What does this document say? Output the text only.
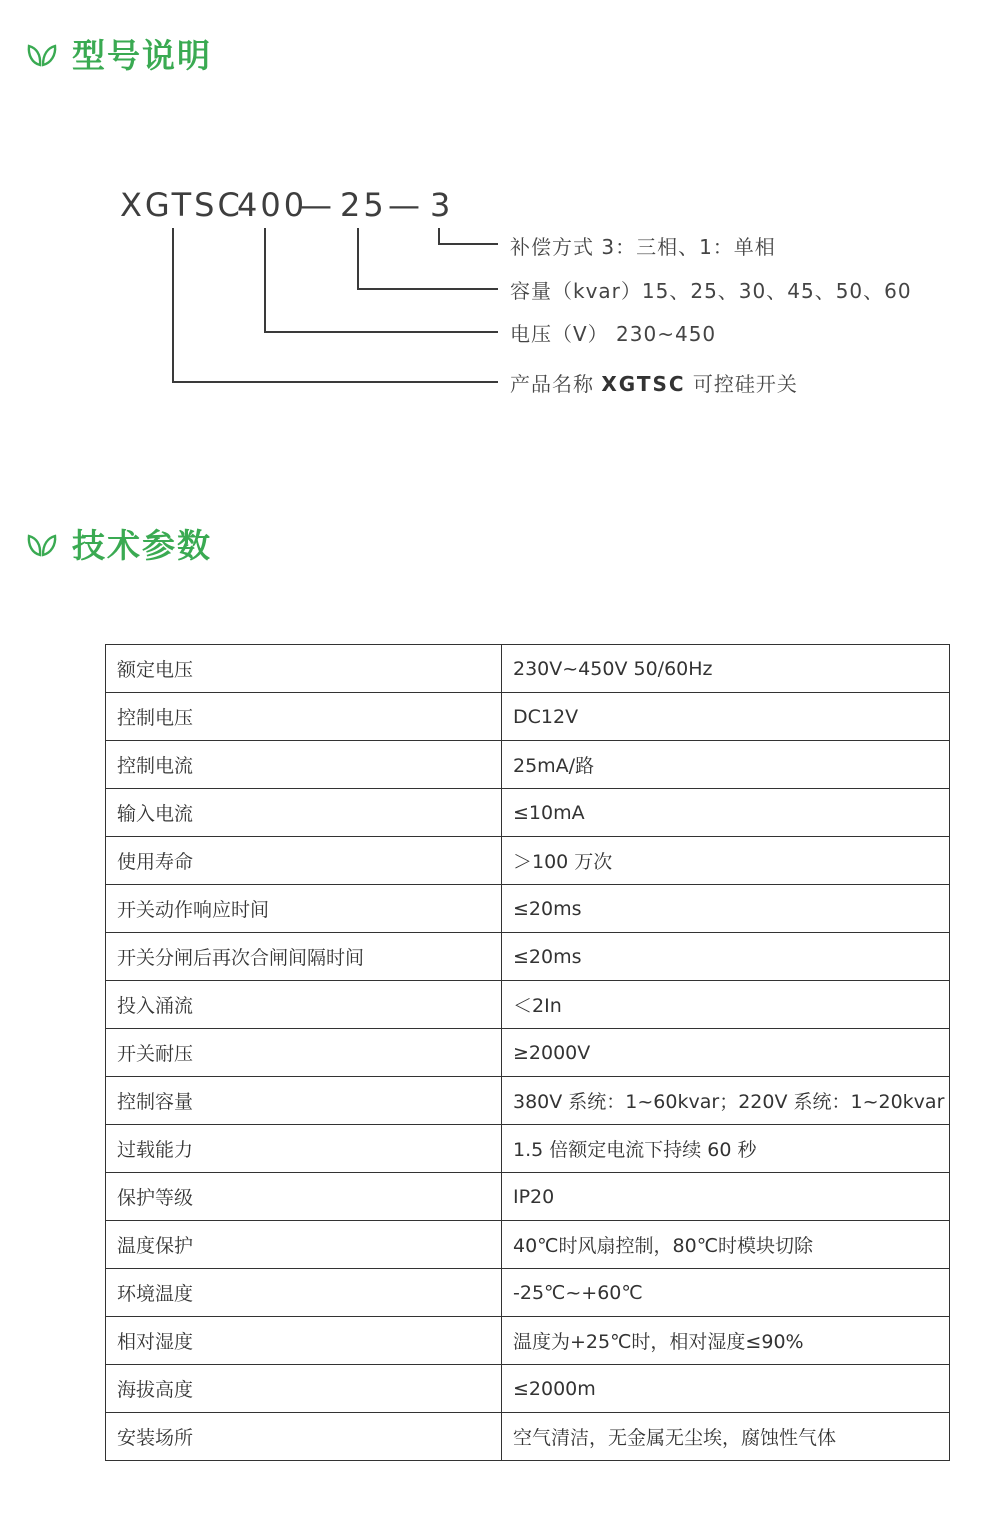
型号说明
XGTSC
400
— 25 — 3
补偿方式 3：三相、1：单相
容量（kvar）15、25、30、45、50、60
电压（V） 230~450
产品名称 XGTSC 可控硅开关
技术参数
额定电压	230V~450V 50/60Hz
控制电压	DC12V
控制电流	25mA/路
输入电流	≤10mA
使用寿命	＞100 万次
开关动作响应时间	≤20ms
开关分闸后再次合闸间隔时间	≤20ms
投入涌流	＜2In
开关耐压	≥2000V
控制容量	380V 系统：1~60kvar；220V 系统：1~20kvar
过载能力	1.5 倍额定电流下持续 60 秒
保护等级	IP20
温度保护	40℃时风扇控制，80℃时模块切除
环境温度	-25℃~+60℃
相对湿度	温度为+25℃时，相对湿度≤90%
海拔高度	≤2000m
安装场所	空气清洁，无金属无尘埃，腐蚀性气体
